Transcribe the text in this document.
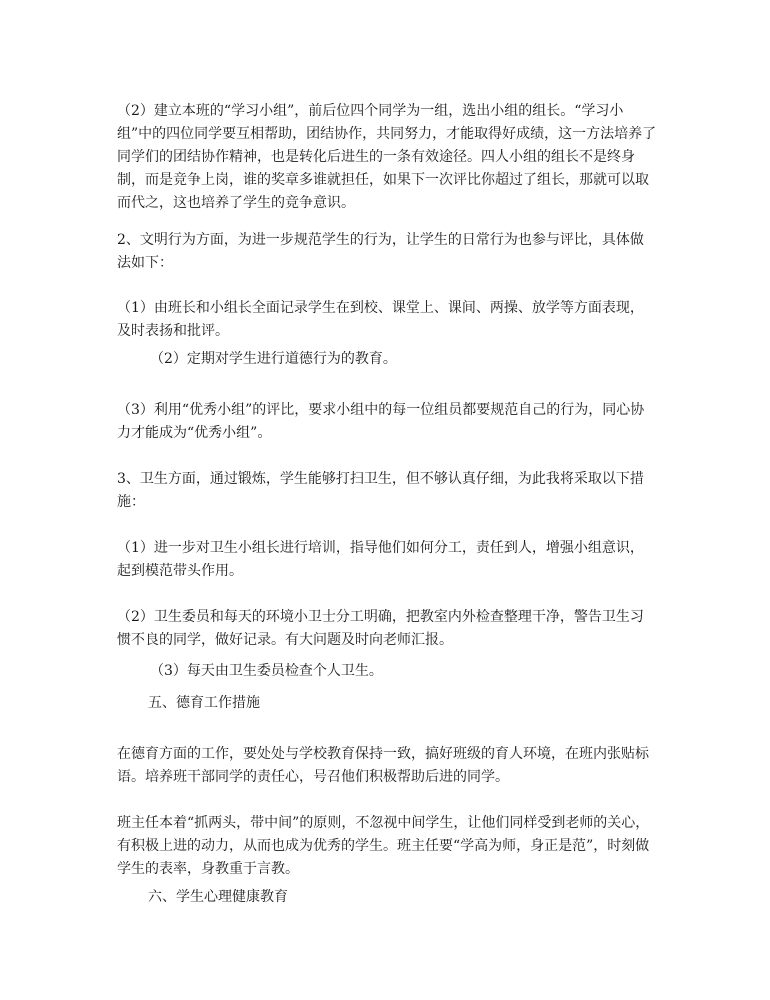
（2）建立本班的“学习小组”，前后位四个同学为一组，选出小组的组长。“学习小组”中的四位同学要互相帮助，团结协作，共同努力，才能取得好成绩，这一方法培养了同学们的团结协作精神，也是转化后进生的一条有效途径。四人小组的组长不是终身制，而是竞争上岗，谁的奖章多谁就担任，如果下一次评比你超过了组长，那就可以取而代之，这也培养了学生的竞争意识。

2、文明行为方面，为进一步规范学生的行为，让学生的日常行为也参与评比，具体做法如下：

（1）由班长和小组长全面记录学生在到校、课堂上、课间、两操、放学等方面表现，及时表扬和批评。

（2）定期对学生进行道德行为的教育。

（3）利用“优秀小组”的评比，要求小组中的每一位组员都要规范自己的行为，同心协力才能成为“优秀小组”。

3、卫生方面，通过锻炼，学生能够打扫卫生，但不够认真仔细，为此我将采取以下措施：

（1）进一步对卫生小组长进行培训，指导他们如何分工，责任到人，增强小组意识，起到模范带头作用。

（2）卫生委员和每天的环境小卫士分工明确，把教室内外检查整理干净，警告卫生习惯不良的同学，做好记录。有大问题及时向老师汇报。

（3）每天由卫生委员检查个人卫生。

五、德育工作措施

在德育方面的工作，要处处与学校教育保持一致，搞好班级的育人环境，在班内张贴标语。培养班干部同学的责任心，号召他们积极帮助后进的同学。

班主任本着“抓两头，带中间”的原则，不忽视中间学生，让他们同样受到老师的关心，有积极上进的动力，从而也成为优秀的学生。班主任要“学高为师，身正是范”，时刻做学生的表率，身教重于言教。

六、学生心理健康教育
